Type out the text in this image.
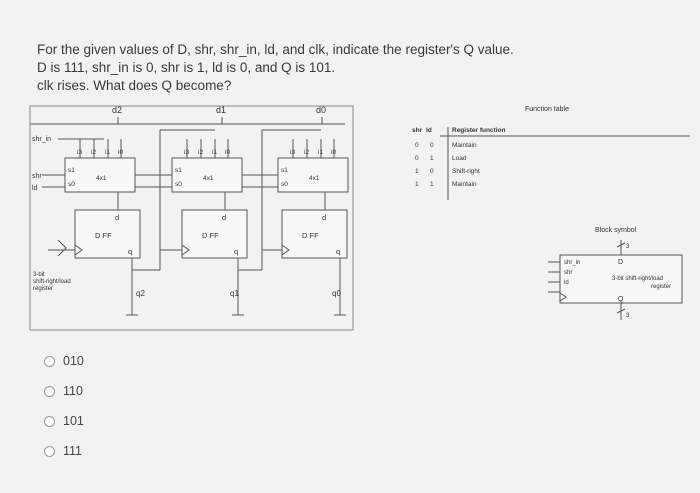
For the given values of D, shr, shr_in, ld, and clk, indicate the register's Q value.
D is 111, shr_in is 0, shr is 1, ld is 0, and Q is 101.
clk rises. What does Q become?
d2	d1	d0
shr_in
shr
ld
i3 i2 i1 i0
s1
s0
4x1
i3 i2 i1 i0
s1
s0
4x1
i3 i2 i1 i0
s1
s0
4x1
d
D FF
q
d
D FF
q
d
D FF
q
q2	q1	q0
3-bit
shift-right/load
register
Function table
shr ld	Register function
0 0	Maintain
0 1	Load
1 0	Shift-right
1 1	Maintain
Block symbol
3
3
D
Q
shr_in
shr
ld
3-bit shift-right/load
register
010
110
101
111
